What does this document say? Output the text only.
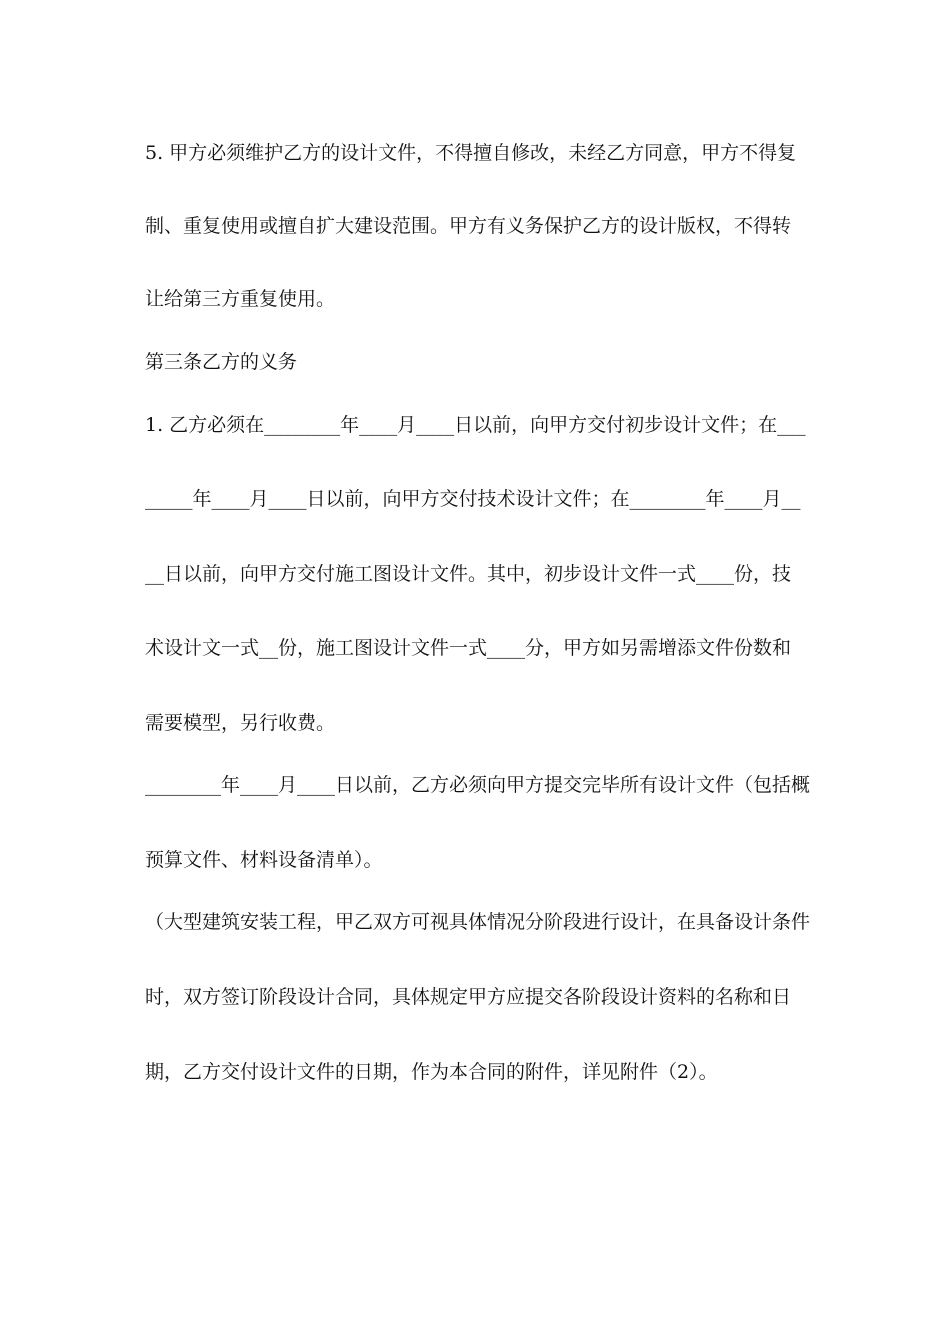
5. 甲方必须维护乙方的设计文件，不得擅自修改，未经乙方同意，甲方不得复
制、重复使用或擅自扩大建设范围。甲方有义务保护乙方的设计版权，不得转
让给第三方重复使用。
第三条乙方的义务
1. 乙方必须在________年____月____日以前，向甲方交付初步设计文件；在___
_____年____月____日以前，向甲方交付技术设计文件；在________年____月__
__日以前，向甲方交付施工图设计文件。其中，初步设计文件一式____份，技
术设计文一式__份，施工图设计文件一式____分，甲方如另需增添文件份数和
需要模型，另行收费。
________年____月____日以前，乙方必须向甲方提交完毕所有设计文件（包括概
预算文件、材料设备清单）。
（大型建筑安装工程，甲乙双方可视具体情况分阶段进行设计，在具备设计条件
时，双方签订阶段设计合同，具体规定甲方应提交各阶段设计资料的名称和日
期，乙方交付设计文件的日期，作为本合同的附件，详见附件（2）。
